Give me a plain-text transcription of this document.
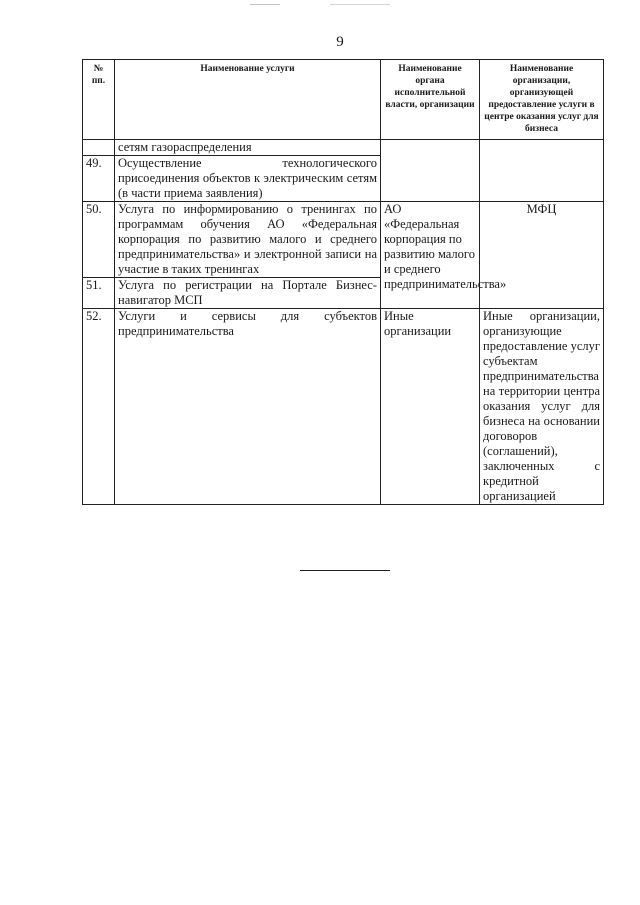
9
№ пп.	Наименование услуги	Наименование органа исполнительной власти, организации	Наименование организации, организующей предоставление услуги в центре оказания услуг для бизнеса
	сетям газораспределения		
49.	Осуществление технологического присоединения объектов к электрическим сетям (в части приема заявления)		
50.	Услуга по информированию о тренингах по программам обучения АО «Федеральная корпорация по развитию малого и среднего предпринимательства» и электронной записи на участие в таких тренингах	АО «Федеральная корпорация по развитию малого и среднего предпринимательства»	МФЦ
51.	Услуга по регистрации на Портале Бизнес-навигатор МСП		
52.	Услуги и сервисы для субъектов предпринимательства	Иные организации	Иные организации, организующие предоставление услуг субъектам предпринимательства на территории центра оказания услуг для бизнеса на основании договоров (соглашений), заключенных с кредитной организацией
